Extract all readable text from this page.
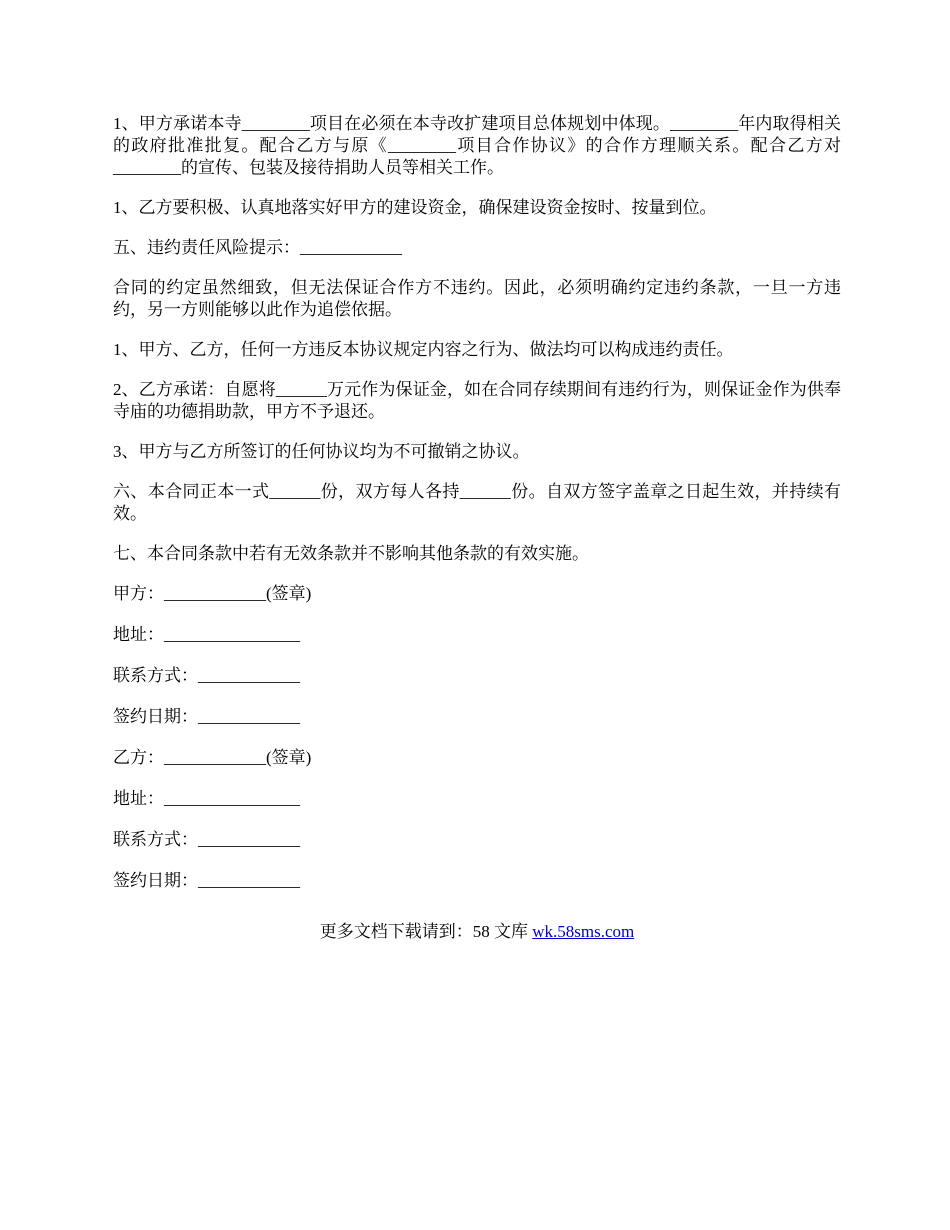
1、甲方承诺本寺________项目在必须在本寺改扩建项目总体规划中体现。________年内取得相关的政府批准批复。配合乙方与原《________项目合作协议》的合作方理顺关系。配合乙方对________的宣传、包装及接待捐助人员等相关工作。

1、乙方要积极、认真地落实好甲方的建设资金，确保建设资金按时、按量到位。

五、违约责任风险提示：____________

合同的约定虽然细致，但无法保证合作方不违约。因此，必须明确约定违约条款，一旦一方违约，另一方则能够以此作为追偿依据。

1、甲方、乙方，任何一方违反本协议规定内容之行为、做法均可以构成违约责任。

2、乙方承诺：自愿将______万元作为保证金，如在合同存续期间有违约行为，则保证金作为供奉寺庙的功德捐助款，甲方不予退还。

3、甲方与乙方所签订的任何协议均为不可撤销之协议。

六、本合同正本一式______份，双方每人各持______份。自双方签字盖章之日起生效，并持续有效。

七、本合同条款中若有无效条款并不影响其他条款的有效实施。

甲方：____________(签章)

地址：________________

联系方式：____________

签约日期：____________

乙方：____________(签章)

地址：________________

联系方式：____________

签约日期：____________

更多文档下载请到：58 文库 wk.58sms.com
